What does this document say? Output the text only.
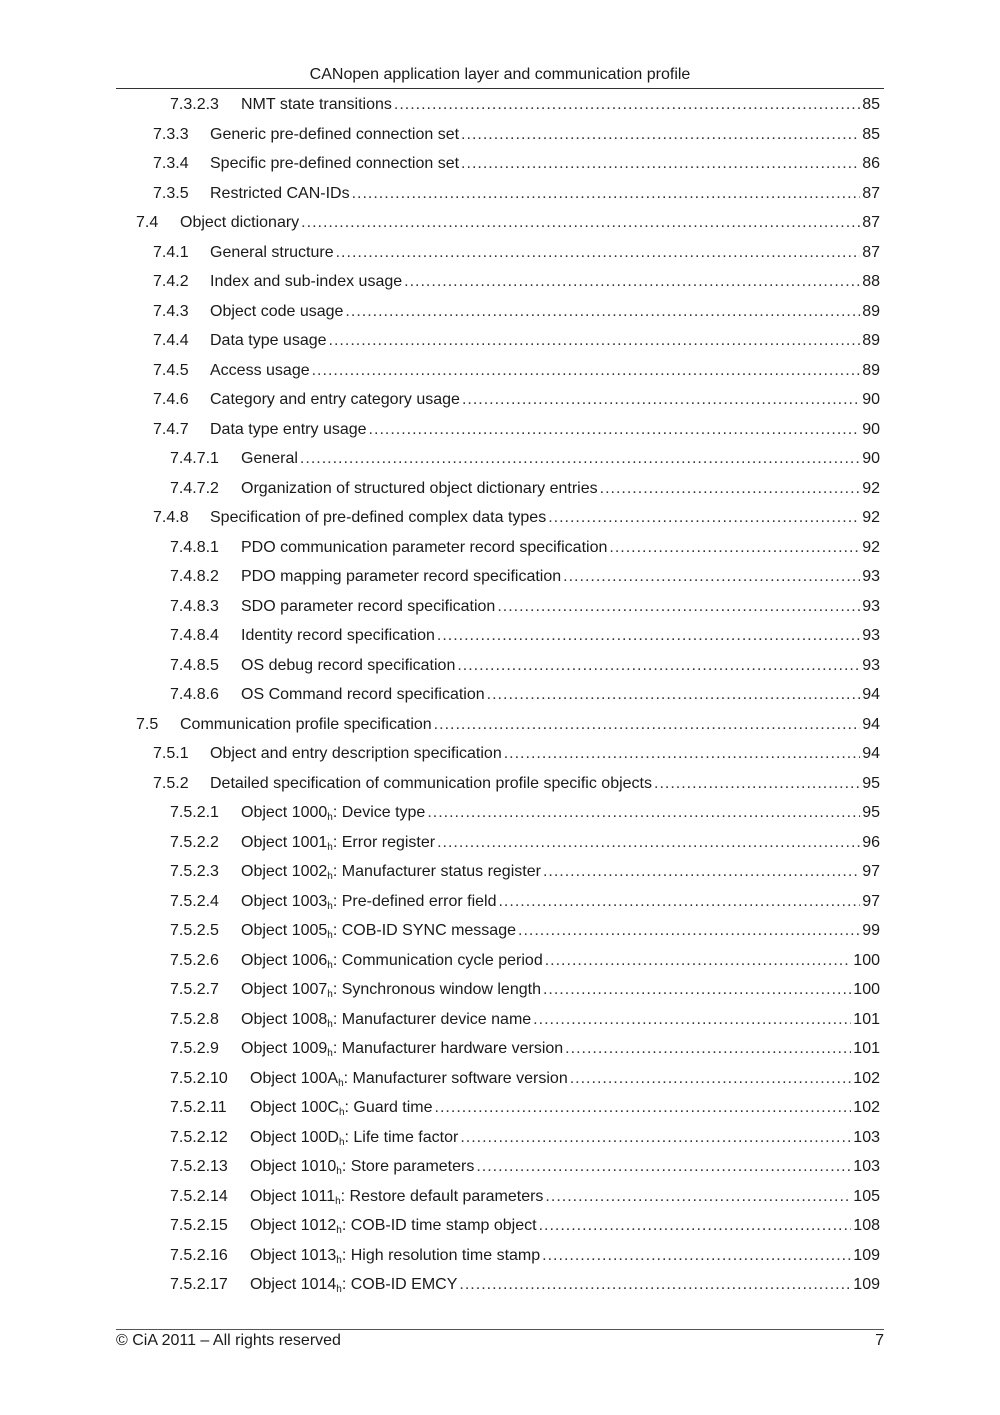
CANopen application layer and communication profile
7.3.2.3 NMT state transitions .....	85
7.3.3 Generic pre-defined connection set .....	85
7.3.4 Specific pre-defined connection set .....	86
7.3.5 Restricted CAN-IDs .....	87
7.4 Object dictionary .....	87
7.4.1 General structure .....	87
7.4.2 Index and sub-index usage .....	88
7.4.3 Object code usage .....	89
7.4.4 Data type usage .....	89
7.4.5 Access usage .....	89
7.4.6 Category and entry category usage .....	90
7.4.7 Data type entry usage .....	90
7.4.7.1 General .....	90
7.4.7.2 Organization of structured object dictionary entries .....	92
7.4.8 Specification of pre-defined complex data types .....	92
7.4.8.1 PDO communication parameter record specification .....	92
7.4.8.2 PDO mapping parameter record specification .....	93
7.4.8.3 SDO parameter record specification .....	93
7.4.8.4 Identity record specification .....	93
7.4.8.5 OS debug record specification .....	93
7.4.8.6 OS Command record specification .....	94
7.5 Communication profile specification .....	94
7.5.1 Object and entry description specification .....	94
7.5.2 Detailed specification of communication profile specific objects .....	95
7.5.2.1 Object $1000_h$: Device type .....	95
7.5.2.2 Object $1001_h$: Error register .....	96
7.5.2.3 Object $1002_h$: Manufacturer status register .....	97
7.5.2.4 Object $1003_h$: Pre-defined error field .....	97
7.5.2.5 Object $1005_h$: COB-ID SYNC message .....	99
7.5.2.6 Object $1006_h$: Communication cycle period .....	100
7.5.2.7 Object $1007_h$: Synchronous window length .....	100
7.5.2.8 Object $1008_h$: Manufacturer device name .....	101
7.5.2.9 Object $1009_h$: Manufacturer hardware version .....	101
7.5.2.10 Object $100A_h$: Manufacturer software version .....	102
7.5.2.11 Object $100C_h$: Guard time .....	102
7.5.2.12 Object $100D_h$: Life time factor .....	103
7.5.2.13 Object $1010_h$: Store parameters .....	103
7.5.2.14 Object $1011_h$: Restore default parameters .....	105
7.5.2.15 Object $1012_h$: COB-ID time stamp object .....	108
7.5.2.16 Object $1013_h$: High resolution time stamp .....	109
7.5.2.17 Object $1014_h$: COB-ID EMCY .....	109
© CiA 2011 – All rights reserved	7
